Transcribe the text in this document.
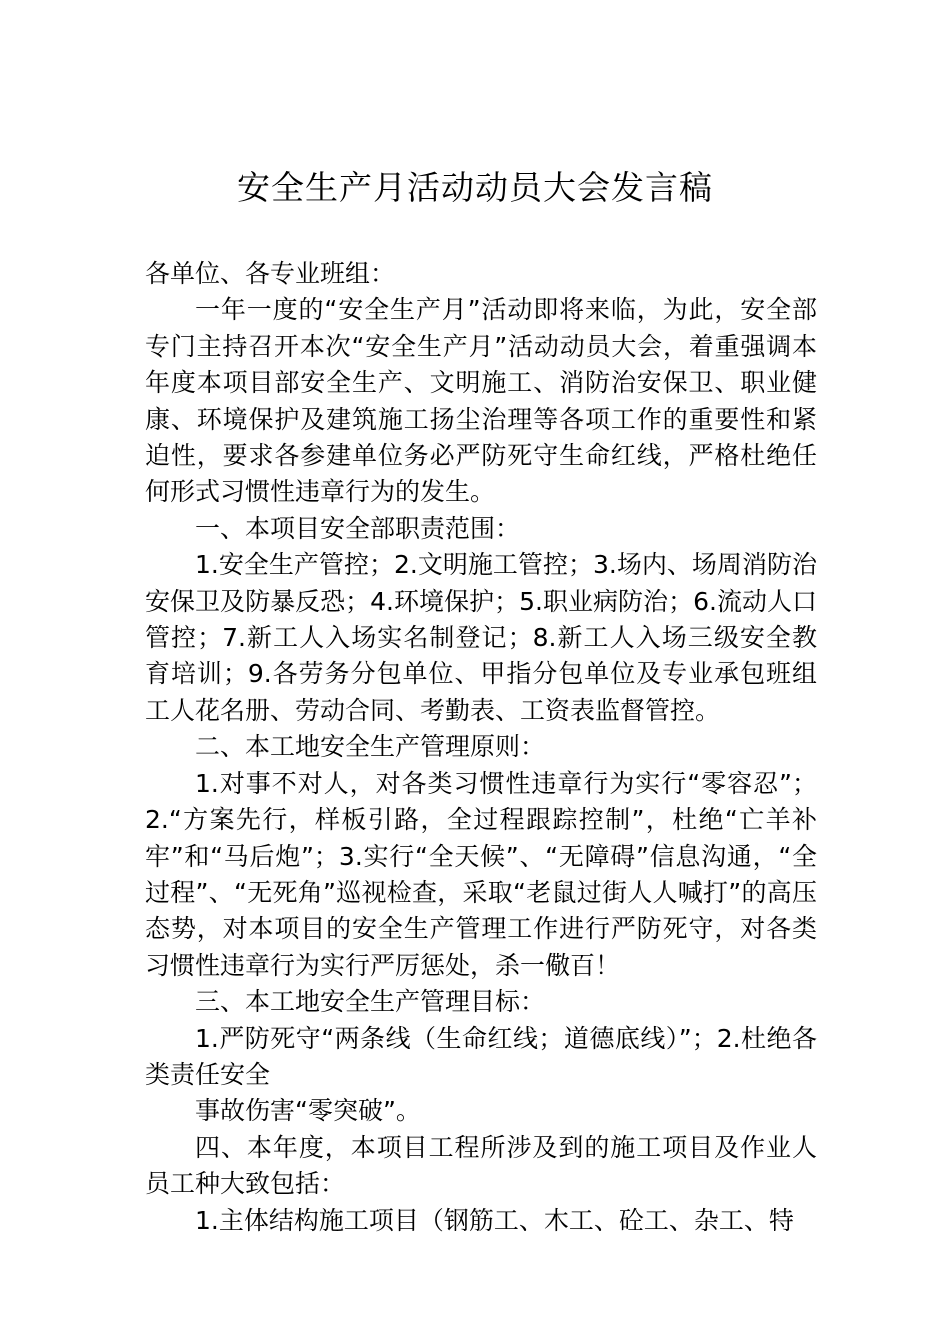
安全生产月活动动员大会发言稿

各单位、各专业班组：

一年一度的“安全生产月”活动即将来临，为此，安全部专门主持召开本次“安全生产月”活动动员大会，着重强调本年度本项目部安全生产、文明施工、消防治安保卫、职业健康、环境保护及建筑施工扬尘治理等各项工作的重要性和紧迫性，要求各参建单位务必严防死守生命红线，严格杜绝任何形式习惯性违章行为的发生。

一、本项目安全部职责范围：

1.安全生产管控；2.文明施工管控；3.场内、场周消防治安保卫及防暴反恐；4.环境保护；5.职业病防治；6.流动人口管控；7.新工人入场实名制登记；8.新工人入场三级安全教育培训；9.各劳务分包单位、甲指分包单位及专业承包班组工人花名册、劳动合同、考勤表、工资表监督管控。

二、本工地安全生产管理原则：

1.对事不对人，对各类习惯性违章行为实行“零容忍”；2.“方案先行，样板引路，全过程跟踪控制”，杜绝“亡羊补牢”和“马后炮”；3.实行“全天候”、“无障碍”信息沟通，“全过程”、“无死角”巡视检查，采取“老鼠过街人人喊打”的高压态势，对本项目的安全生产管理工作进行严防死守，对各类习惯性违章行为实行严厉惩处，杀一儆百！

三、本工地安全生产管理目标：

1.严防死守“两条线（生命红线；道德底线）”；2.杜绝各类责任安全

事故伤害“零突破”。

四、本年度，本项目工程所涉及到的施工项目及作业人员工种大致包括：

1.主体结构施工项目（钢筋工、木工、砼工、杂工、特
